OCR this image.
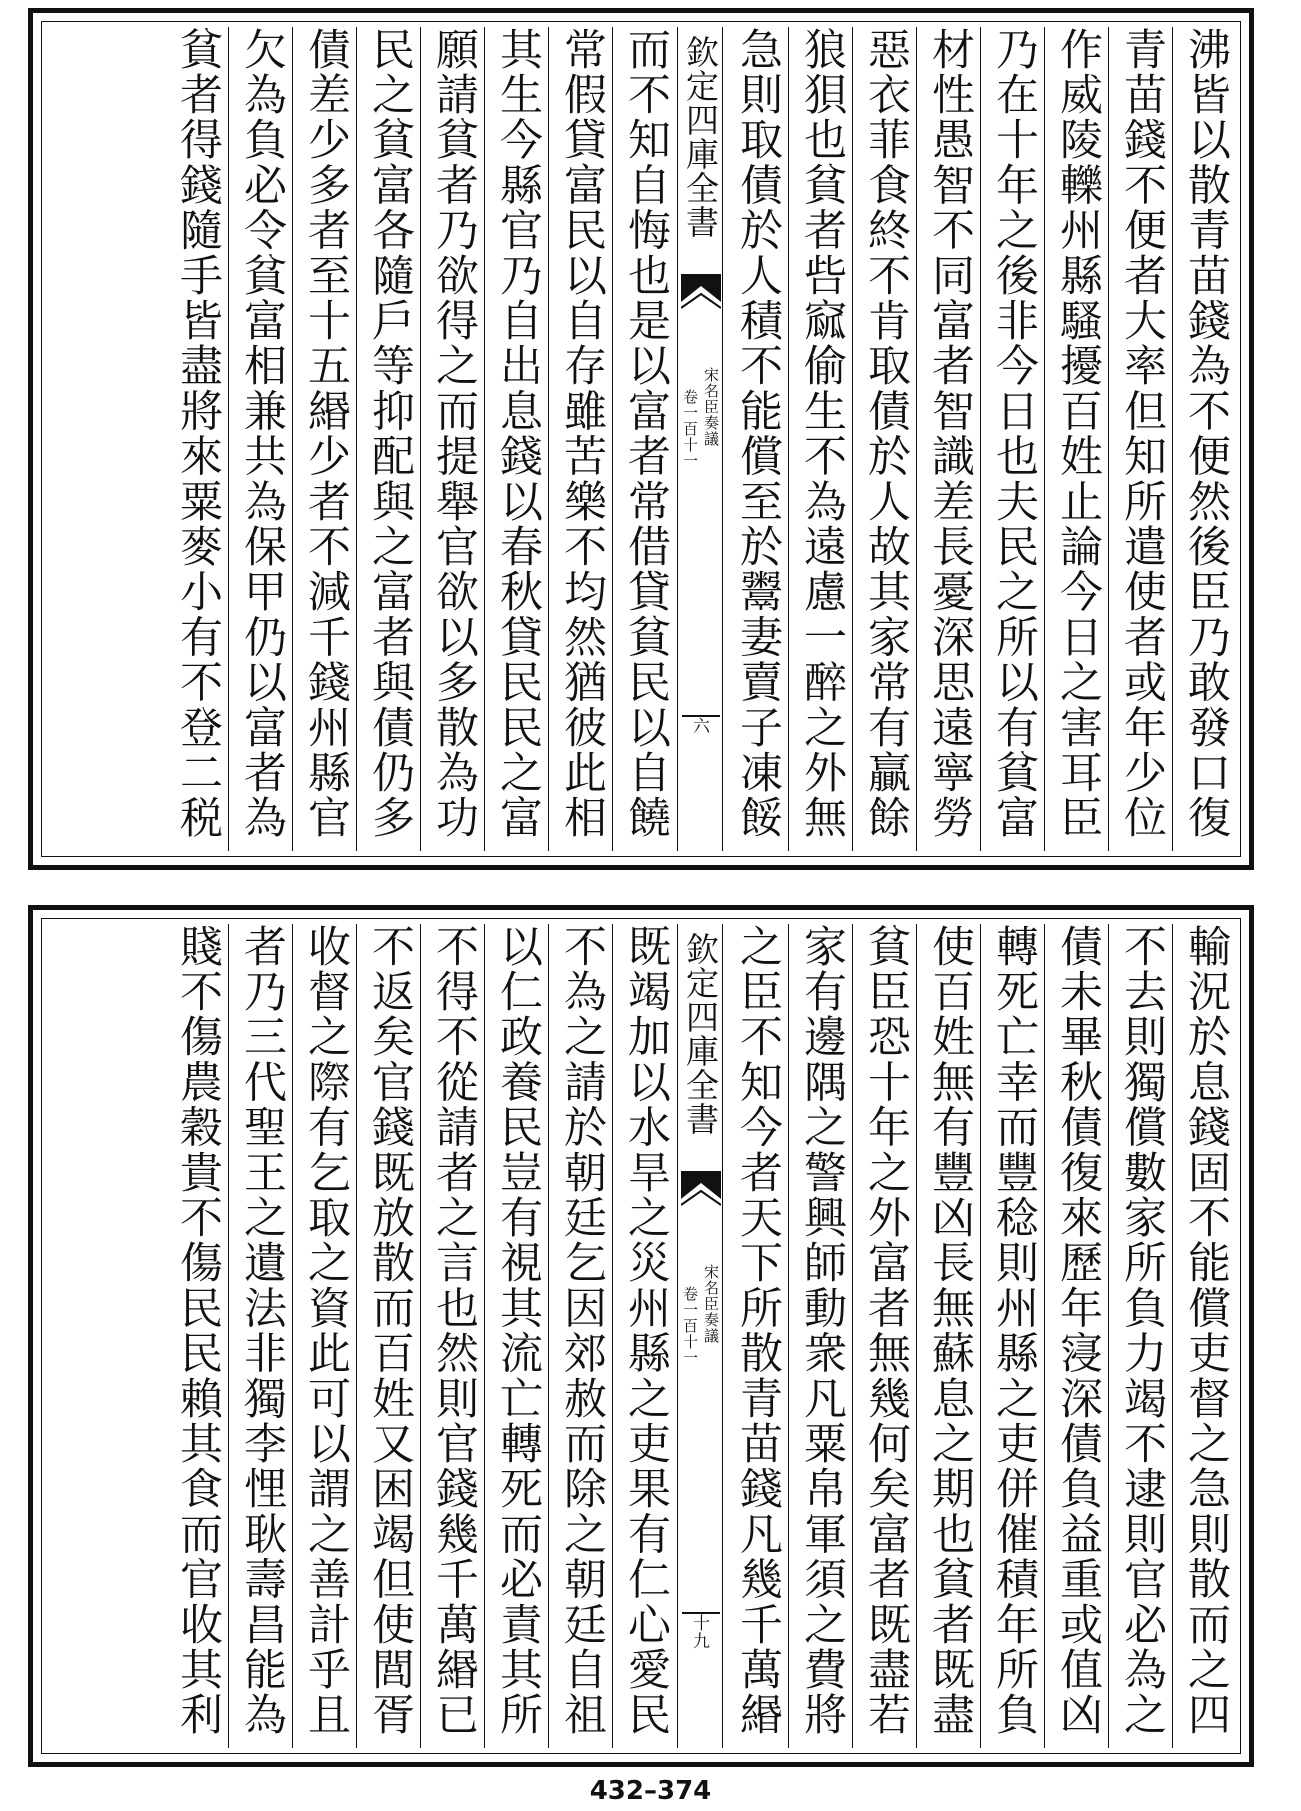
沸皆以散青苗錢為不便然後臣乃敢發口復
青苗錢不便者大率但知所遣使者或年少位
作威陵轢州縣騷擾百姓止論今日之害耳臣
乃在十年之後非今日也夫民之所以有貧富
材性愚智不同富者智識差長憂深思遠寧勞
惡衣菲食終不肯取債於人故其家常有贏餘
狼狽也貧者呰窳偷生不為遠慮一醉之外無
急則取債於人積不能償至於鬻妻賣子凍餒
欽定四庫全書
宋名臣奏議
卷一百十一
六
而不知自悔也是以富者常借貸貧民以自饒
常假貸富民以自存雖苦樂不均然猶彼此相
其生今縣官乃自出息錢以春秋貸民民之富
願請貧者乃欲得之而提舉官欲以多散為功
民之貧富各隨戶等抑配與之富者與債仍多
債差少多者至十五緡少者不減千錢州縣官
欠為負必令貧富相兼共為保甲仍以富者為
貧者得錢隨手皆盡將來粟麥小有不登二税
輸況於息錢固不能償吏督之急則散而之四
不去則獨償數家所負力竭不逮則官必為之
債未畢秋債復來歷年寖深債負益重或值凶
轉死亡幸而豐稔則州縣之吏併催積年所負
使百姓無有豐凶長無蘇息之期也貧者既盡
貧臣恐十年之外富者無幾何矣富者既盡若
家有邊隅之警興師動衆凡粟帛軍須之費將
之臣不知今者天下所散青苗錢凡幾千萬緡
欽定四庫全書
宋名臣奏議
卷一百十一
十九
既竭加以水旱之災州縣之吏果有仁心愛民
不為之請於朝廷乞因郊赦而除之朝廷自祖
以仁政養民豈有視其流亡轉死而必責其所
不得不從請者之言也然則官錢幾千萬緡已
不返矣官錢既放散而百姓又困竭但使閭胥
收督之際有乞取之資此可以謂之善計乎且
者乃三代聖王之遺法非獨李悝耿壽昌能為
賤不傷農穀貴不傷民民賴其食而官收其利
432–374
